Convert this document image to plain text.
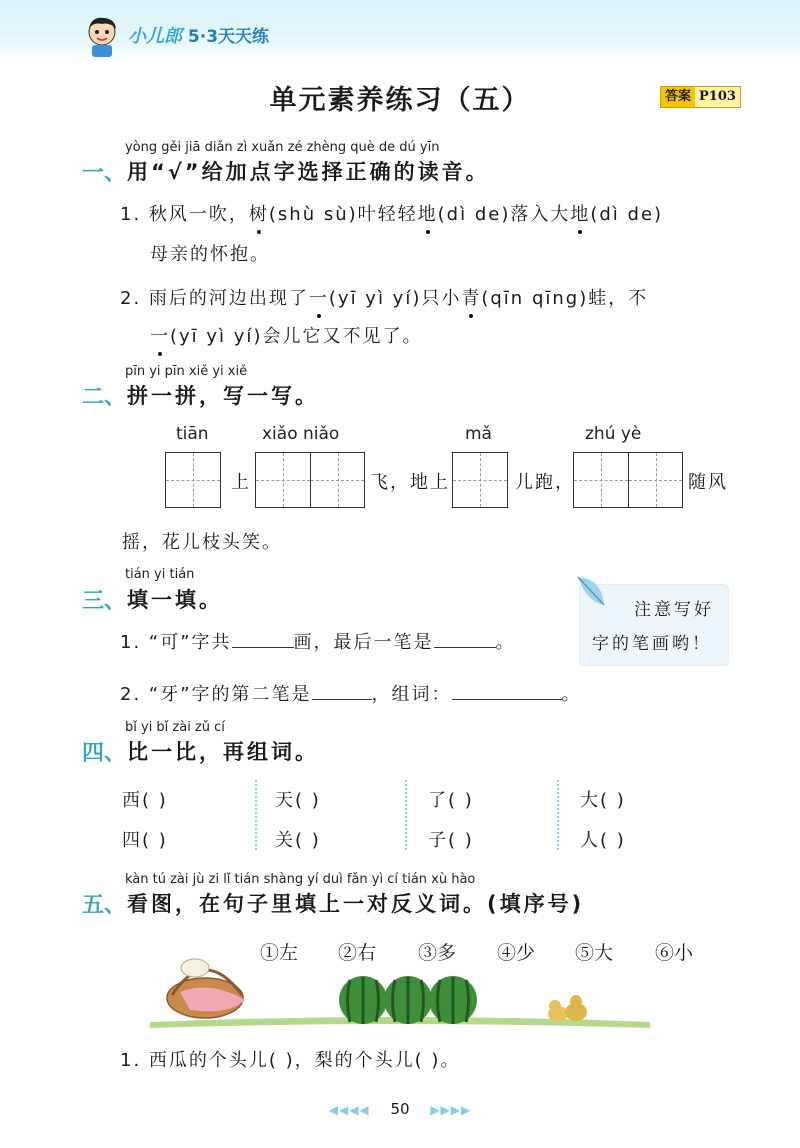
小儿郎 5·3天天练
单元素养练习（五）	答案 P103
yòng gěi jiā diǎn zì xuǎn zé zhèng què de dú yīn
一、 用“√”给加点字选择正确的读音。
1. 秋风一吹，树(shù sù)叶轻轻地(dì de)落入大地(dì de)
母亲的怀抱。
2. 雨后的河边出现了一(yī yì yí)只小青(qīn qīng)蛙，不
一(yī yì yí)会儿它又不见了。
pīn yi pīn xiě yi xiě
二、 拼一拼，写一写。
tiān	xiǎo niǎo	mǎ	zhú yè
上	飞，地上	儿跑，	随风
摇，花儿枝头笑。
tián yi tián
三、 填一填。
1. “可”字共	画，最后一笔是	。
2. “牙”字的第二笔是	，组词：	。
注意写好
字的笔画哟！
bǐ yi bǐ zài zǔ cí
四、 比一比，再组词。
西( )	天( )	了( )	大( )
四( )	关( )	子( )	人( )
kàn tú zài jù zi lǐ tián shàng yí duì fǎn yì cí tián xù hào
五、 看图，在句子里填上一对反义词。(填序号)
①左 ②右 ③多 ④少 ⑤大 ⑥小
1. 西瓜的个头儿( )，梨的个头儿( )。
◀◀◀◀ 50 ▶▶▶▶
